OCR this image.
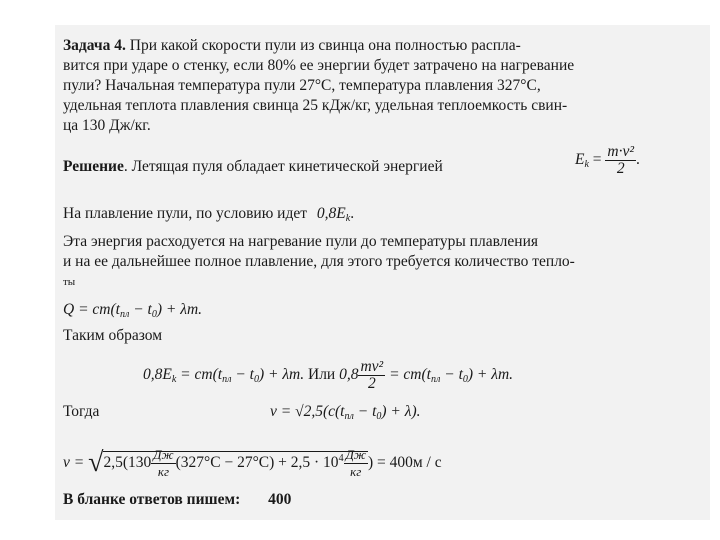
Задача 4. При какой скорости пули из свинца она полностью распла-
вится при ударе о стенку, если 80% ее энергии будет затрачено на нагревание
пули? Начальная температура пули 27°С, температура плавления 327°С,
удельная теплота плавления свинца 25 кДж/кг, удельная теплоемкость свин-
ца 130 Дж/кг.
Решение. Летящая пуля обладает кинетической энергией	$E_k = \frac{\text{m·v²}}{2}$ .
На плавление пули, по условию идет $0,8E_k$.
Эта энергия расходуется на нагревание пули до температуры плавления
и на ее дальнейшее полное плавление, для этого требуется количество тепло-
ты
$Q = cm(t_{пл} - t_0) + \lambda m$.
Таким образом
$0,8E_k = cm(t_{пл} - t_0) + \lambda m$. Или $0,8 \frac{\text{mv²}}{2} = cm(t_{пл} - t_0) + \lambda m$.
Тогда	$v = √2,5(c(t_{пл} - t_0) + \lambda)$.
$v = √2,5(130 \frac{Дж}{кг} (327^\circ C - 27^\circ C) + 2,5 \cdot 10^4 \frac{Дж}{кг}$ ) = 400м / с
В бланке ответов пишем: 400
